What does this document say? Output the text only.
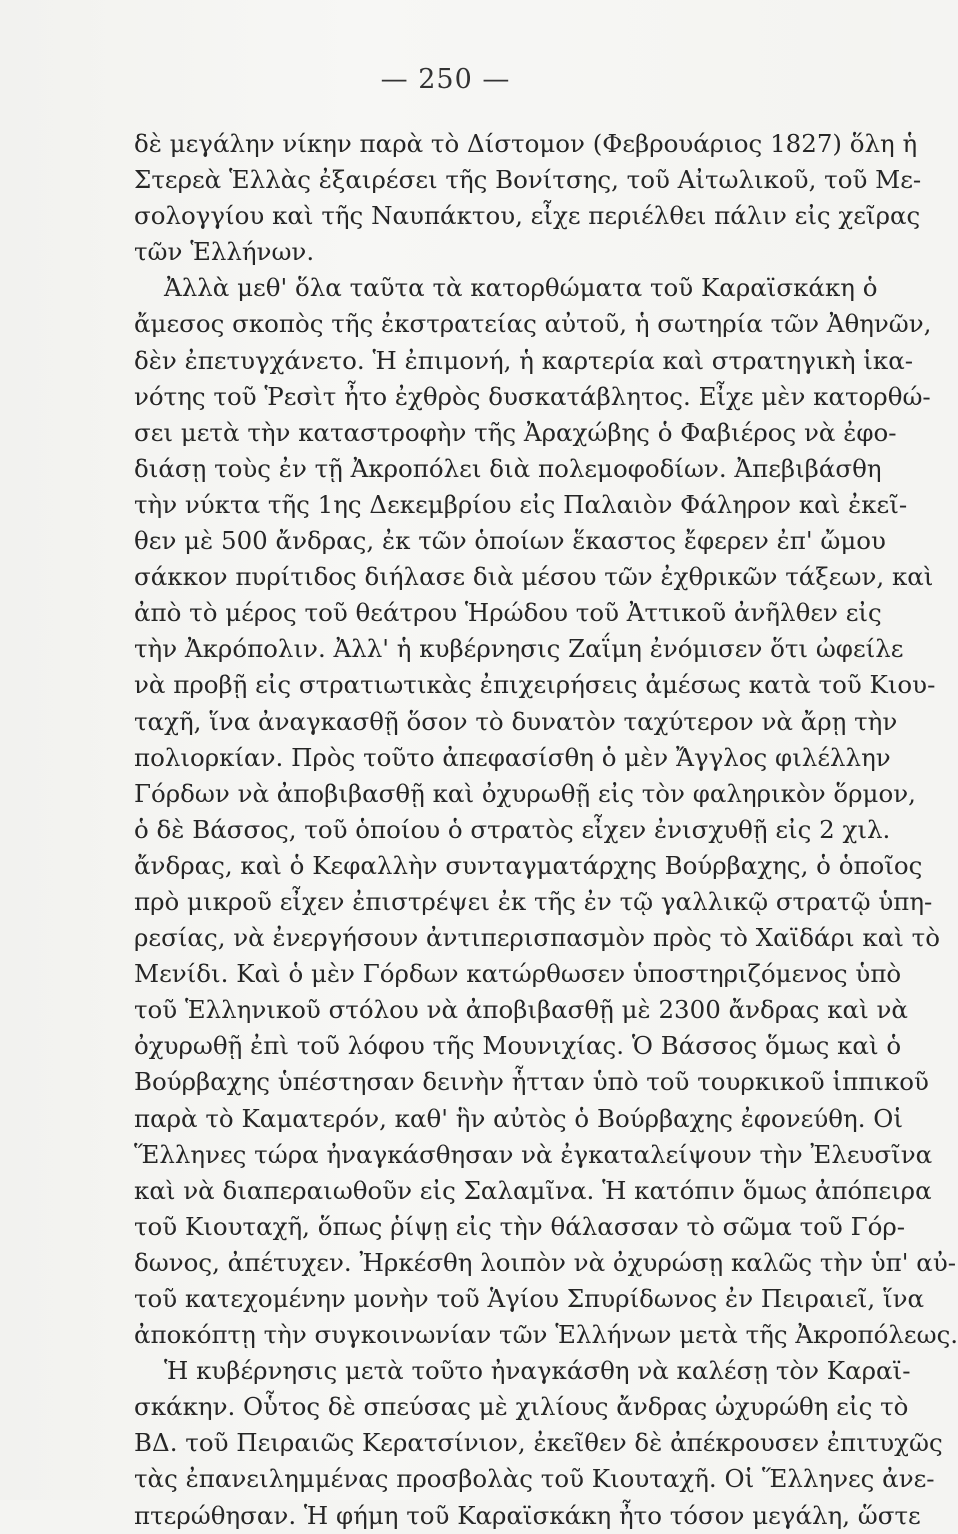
— 250 —
δὲ μεγάλην νίκην παρὰ τὸ Δίστομον (Φεβρουάριος 1827) ὅλη ἡ
Στερεὰ Ἑλλὰς ἐξαιρέσει τῆς Βονίτσης, τοῦ Αἰτωλικοῦ, τοῦ Με-
σολογγίου καὶ τῆς Ναυπάκτου, εἶχε περιέλθει πάλιν εἰς χεῖρας
τῶν Ἑλλήνων.
Ἀλλὰ μεθ' ὅλα ταῦτα τὰ κατορθώματα τοῦ Καραϊσκάκη ὁ
ἄμεσος σκοπὸς τῆς ἐκστρατείας αὐτοῦ, ἡ σωτηρία τῶν Ἀθηνῶν,
δὲν ἐπετυγχάνετο. Ἡ ἐπιμονή, ἡ καρτερία καὶ στρατηγικὴ ἱκα-
νότης τοῦ Ῥεσὶτ ἦτο ἐχθρὸς δυσκατάβλητος. Εἶχε μὲν κατορθώ-
σει μετὰ τὴν καταστροφὴν τῆς Ἀραχώβης ὁ Φαβιέρος νὰ ἐφο-
διάσῃ τοὺς ἐν τῇ Ἀκροπόλει διὰ πολεμοφοδίων. Ἀπεβιβάσθη
τὴν νύκτα τῆς 1ης Δεκεμβρίου εἰς Παλαιὸν Φάληρον καὶ ἐκεῖ-
θεν μὲ 500 ἄνδρας, ἐκ τῶν ὁποίων ἕκαστος ἔφερεν ἐπ' ὤμου
σάκκον πυρίτιδος διήλασε διὰ μέσου τῶν ἐχθρικῶν τάξεων, καὶ
ἀπὸ τὸ μέρος τοῦ θεάτρου Ἡρώδου τοῦ Ἀττικοῦ ἀνῆλθεν εἰς
τὴν Ἀκρόπολιν. Ἀλλ' ἡ κυβέρνησις Ζαΐμη ἐνόμισεν ὅτι ὠφείλε
νὰ προβῇ εἰς στρατιωτικὰς ἐπιχειρήσεις ἀμέσως κατὰ τοῦ Κιου-
ταχῆ, ἵνα ἀναγκασθῇ ὅσον τὸ δυνατὸν ταχύτερον νὰ ἄρῃ τὴν
πολιορκίαν. Πρὸς τοῦτο ἀπεφασίσθη ὁ μὲν Ἄγγλος φιλέλλην
Γόρδων νὰ ἀποβιβασθῇ καὶ ὀχυρωθῇ εἰς τὸν φαληρικὸν ὅρμον,
ὁ δὲ Βάσσος, τοῦ ὁποίου ὁ στρατὸς εἶχεν ἐνισχυθῇ εἰς 2 χιλ.
ἄνδρας, καὶ ὁ Κεφαλλὴν συνταγματάρχης Βούρβαχης, ὁ ὁποῖος
πρὸ μικροῦ εἶχεν ἐπιστρέψει ἐκ τῆς ἐν τῷ γαλλικῷ στρατῷ ὑπη-
ρεσίας, νὰ ἐνεργήσουν ἀντιπερισπασμὸν πρὸς τὸ Χαϊδάρι καὶ τὸ
Μενίδι. Καὶ ὁ μὲν Γόρδων κατώρθωσεν ὑποστηριζόμενος ὑπὸ
τοῦ Ἑλληνικοῦ στόλου νὰ ἀποβιβασθῇ μὲ 2300 ἄνδρας καὶ νὰ
ὀχυρωθῇ ἐπὶ τοῦ λόφου τῆς Μουνιχίας. Ὁ Βάσσος ὅμως καὶ ὁ
Βούρβαχης ὑπέστησαν δεινὴν ἧτταν ὑπὸ τοῦ τουρκικοῦ ἱππικοῦ
παρὰ τὸ Καματερόν, καθ' ἣν αὐτὸς ὁ Βούρβαχης ἐφονεύθη. Οἱ
Ἕλληνες τώρα ἠναγκάσθησαν νὰ ἐγκαταλείψουν τὴν Ἐλευσῖνα
καὶ νὰ διαπεραιωθοῦν εἰς Σαλαμῖνα. Ἡ κατόπιν ὅμως ἀπόπειρα
τοῦ Κιουταχῆ, ὅπως ῥίψῃ εἰς τὴν θάλασσαν τὸ σῶμα τοῦ Γόρ-
δωνος, ἀπέτυχεν. Ἠρκέσθη λοιπὸν νὰ ὀχυρώσῃ καλῶς τὴν ὑπ' αὐ-
τοῦ κατεχομένην μονὴν τοῦ Ἁγίου Σπυρίδωνος ἐν Πειραιεῖ, ἵνα
ἀποκόπτῃ τὴν συγκοινωνίαν τῶν Ἑλλήνων μετὰ τῆς Ἀκροπόλεως.
Ἡ κυβέρνησις μετὰ τοῦτο ἠναγκάσθη νὰ καλέσῃ τὸν Καραϊ-
σκάκην. Οὗτος δὲ σπεύσας μὲ χιλίους ἄνδρας ὠχυρώθη εἰς τὸ
ΒΔ. τοῦ Πειραιῶς Κερατσίνιον, ἐκεῖθεν δὲ ἀπέκρουσεν ἐπιτυχῶς
τὰς ἐπανειλημμένας προσβολὰς τοῦ Κιουταχῆ. Οἱ Ἕλληνες ἀνε-
πτερώθησαν. Ἡ φήμη τοῦ Καραϊσκάκη ἦτο τόσον μεγάλη, ὥστε
